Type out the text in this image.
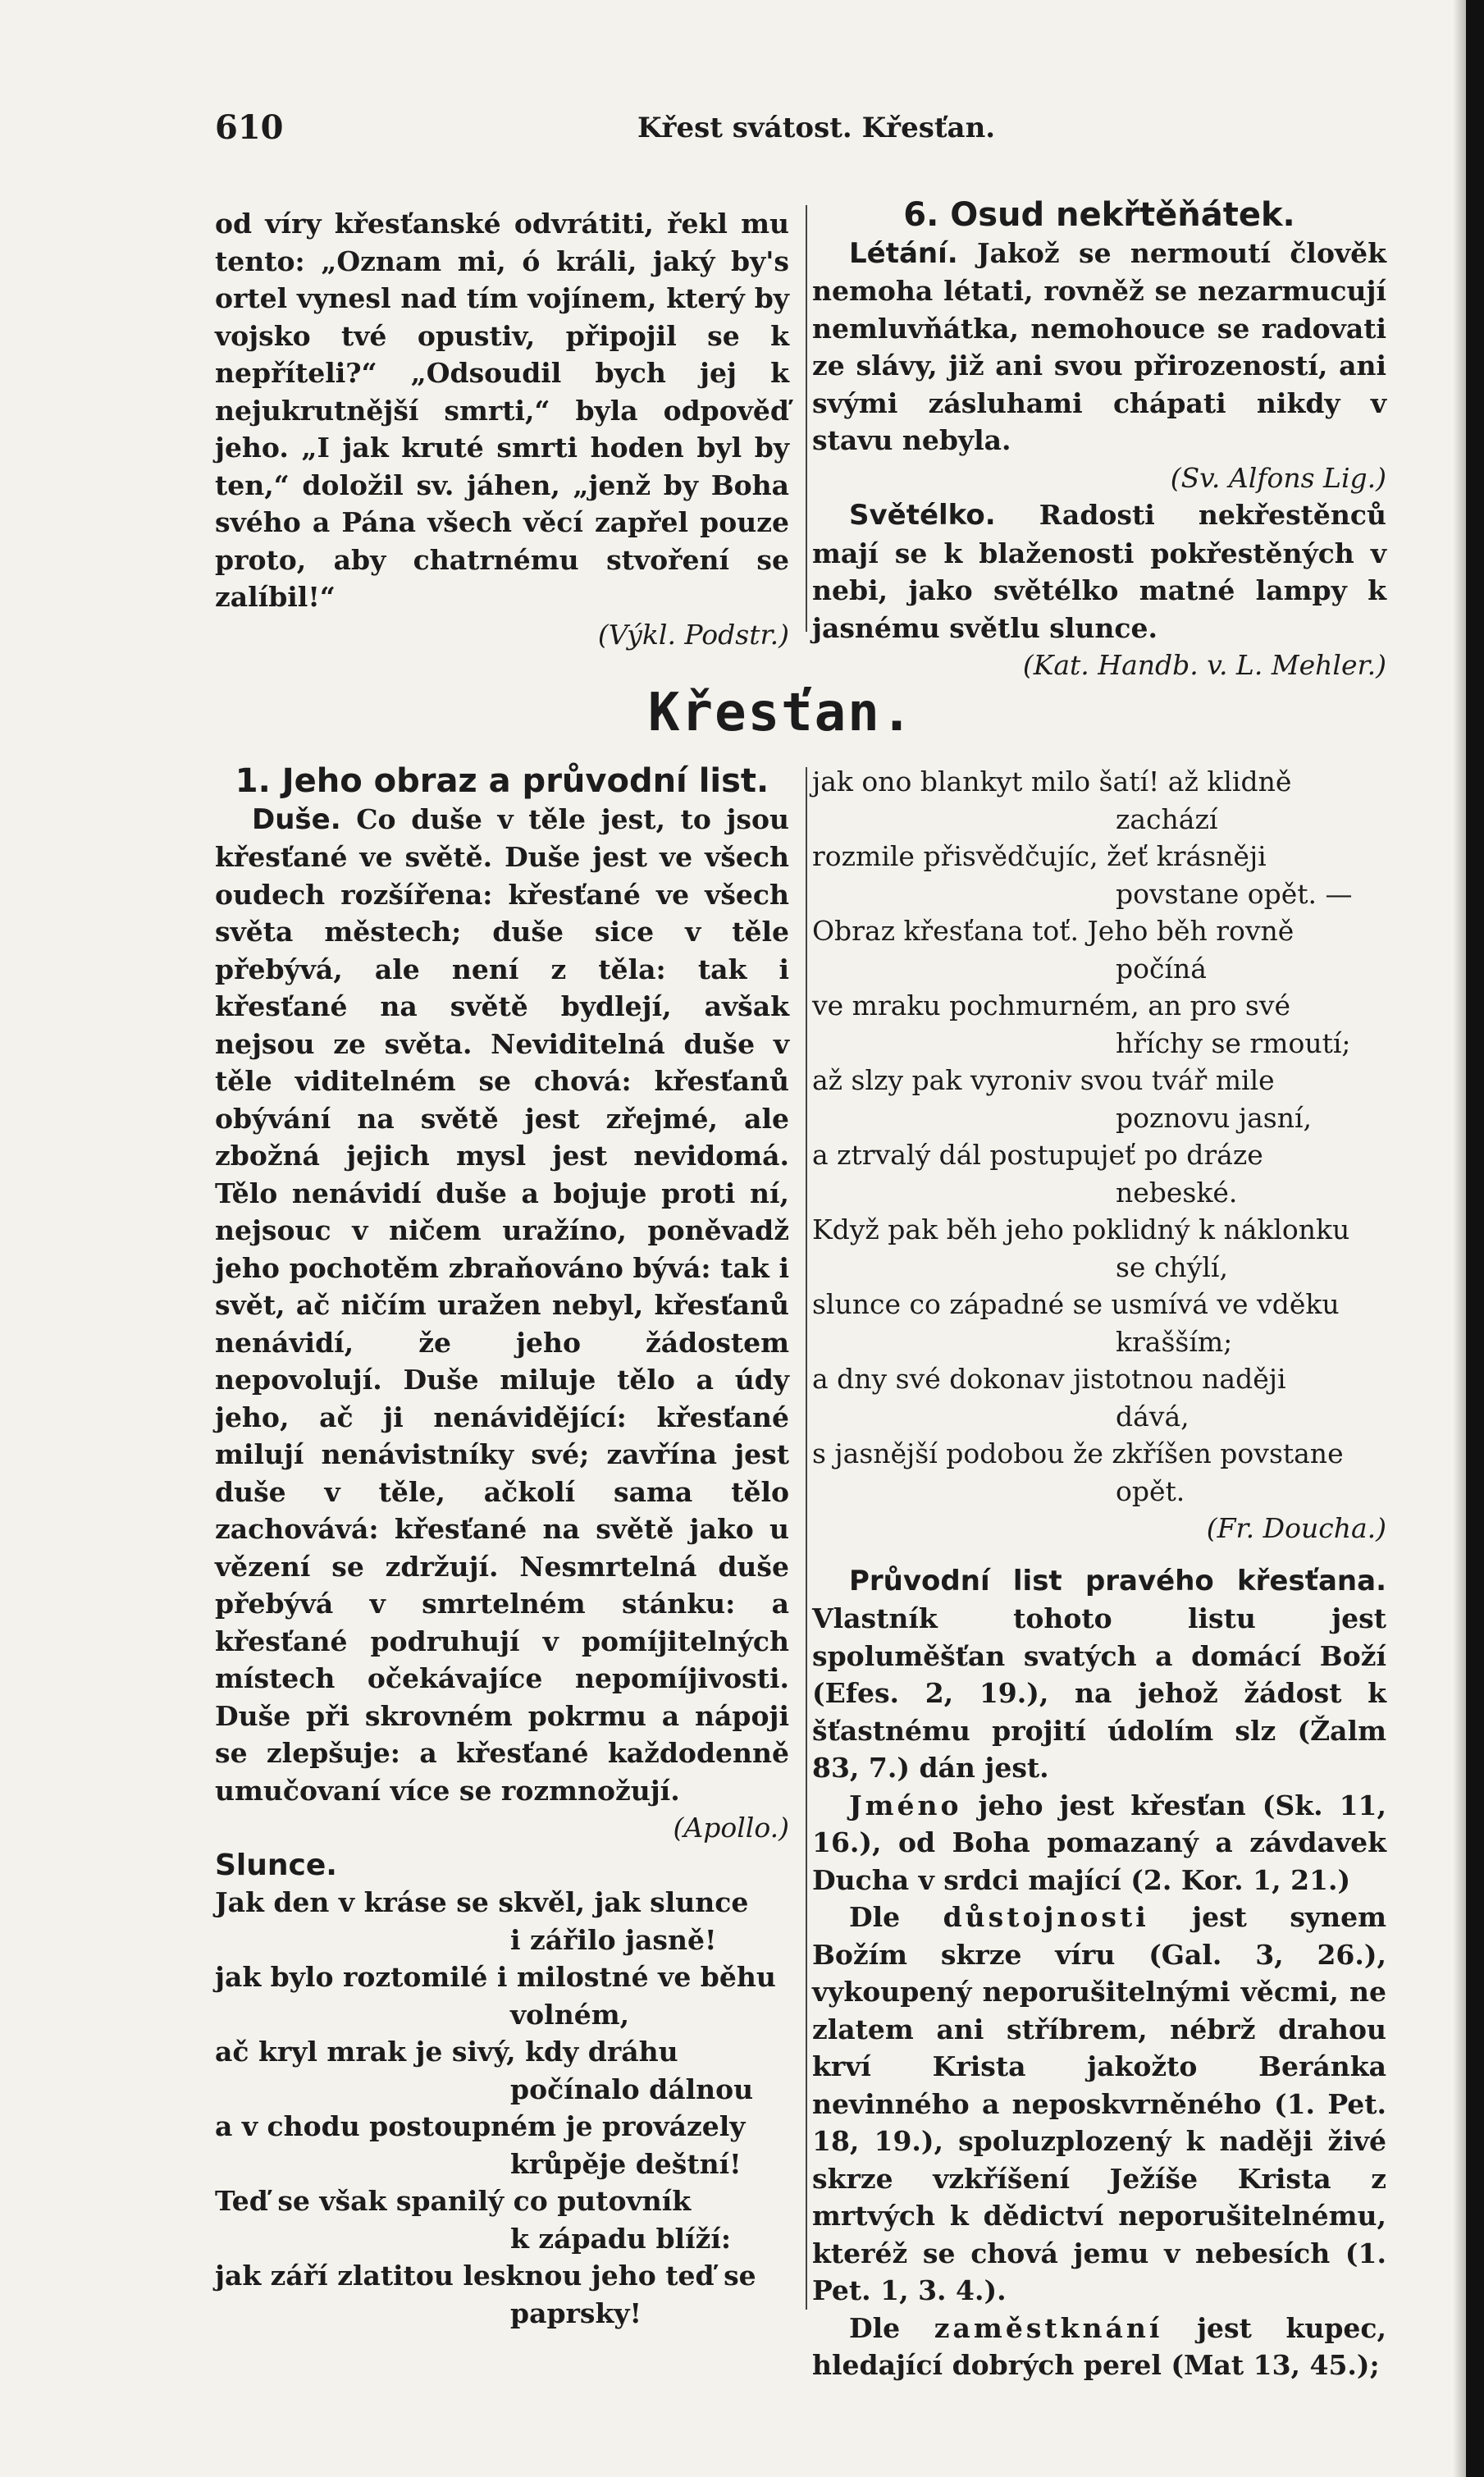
610	Křest svátost. Křesťan.

od víry křesťanské odvrátiti, řekl mu tento: „Oznam mi, ó králi, jaký by's ortel vynesl nad tím vojínem, který by vojsko tvé opustiv, připojil se k nepříteli?“ „Odsoudil bych jej k nejukrutnější smrti,“ byla odpověď jeho. „I jak kruté smrti hoden byl by ten,“ doložil sv. jáhen, „jenž by Boha svého a Pána všech věcí zapřel pouze proto, aby chatrnému stvoření se zalíbil!“

(Výkl. Podstr.)

6. Osud nekřtěňátek.

Létání. Jakož se nermoutí člověk nemoha létati, rovněž se nezarmucují nemluvňátka, nemohouce se radovati ze slávy, již ani svou přirozeností, ani svými zásluhami chápati nikdy v stavu nebyla.

(Sv. Alfons Lig.)

Světélko. Radosti nekřestěnců mají se k blaženosti pokřestěných v nebi, jako světélko matné lampy k jasnému světlu slunce.

(Kat. Handb. v. L. Mehler.)

Křesťan.

1. Jeho obraz a průvodní list.

Duše. Co duše v těle jest, to jsou křesťané ve světě. Duše jest ve všech oudech rozšířena: křesťané ve všech světa městech; duše sice v těle přebývá, ale není z těla: tak i křesťané na světě bydlejí, avšak nejsou ze světa. Neviditelná duše v těle viditelném se chová: křesťanů obývání na světě jest zřejmé, ale zbožná jejich mysl jest nevidomá. Tělo nenávidí duše a bojuje proti ní, nejsouc v ničem uražíno, poněvadž jeho pochotěm zbraňováno bývá: tak i svět, ač ničím uražen nebyl, křesťanů nenávidí, že jeho žádostem nepovolují. Duše miluje tělo a údy jeho, ač ji nenávidějící: křesťané milují nenávistníky své; zavřína jest duše v těle, ačkolí sama tělo zachovává: křesťané na světě jako u vězení se zdržují. Nesmrtelná duše přebývá v smrtelném stánku: a křesťané podruhují v pomíjitelných místech očekávajíce nepomíjivosti. Duše při skrovném pokrmu a nápoji se zlepšuje: a křesťané každodenně umučovaní více se rozmnožují.

(Apollo.)

Slunce.

Jak den v kráse se skvěl, jak slunce

i zářilo jasně!

jak bylo roztomilé i milostné ve běhu

volném,

ač kryl mrak je sivý, kdy dráhu

počínalo dálnou

a v chodu postoupném je provázely

krůpěje deštní!

Teď se však spanilý co putovník

k západu blíží:

jak září zlatitou lesknou jeho teď se

paprsky!

jak ono blankyt milo šatí! až klidně

zachází

rozmile přisvědčujíc, žeť krásněji

povstane opět. —

Obraz křesťana toť. Jeho běh rovně

počíná

ve mraku pochmurném, an pro své

hříchy se rmoutí;

až slzy pak vyroniv svou tvář mile

poznovu jasní,

a ztrvalý dál postupujeť po dráze

nebeské.

Když pak běh jeho poklidný k náklonku

se chýlí,

slunce co západné se usmívá ve vděku

krašším;

a dny své dokonav jistotnou naději

dává,

s jasnější podobou že zkříšen povstane

opět.

(Fr. Doucha.)

Průvodní list pravého křesťana. Vlastník tohoto listu jest spoluměšťan svatých a domácí Boží (Efes. 2, 19.), na jehož žádost k šťastnému projití údolím slz (Žalm 83, 7.) dán jest.

Jméno jeho jest křesťan (Sk. 11, 16.), od Boha pomazaný a závdavek Ducha v srdci mající (2. Kor. 1, 21.)

Dle důstojnosti jest synem Božím skrze víru (Gal. 3, 26.), vykoupený neporušitelnými věcmi, ne zlatem ani stříbrem, nébrž drahou krví Krista jakožto Beránka nevinného a neposkvrněného (1. Pet. 18, 19.), spoluzplozený k naději živé skrze vzkříšení Ježíše Krista z mrtvých k dědictví neporušitelnému, kteréž se chová jemu v nebesích (1. Pet. 1, 3. 4.).

Dle zaměstknání jest kupec, hledající dobrých perel (Mat 13, 45.);
